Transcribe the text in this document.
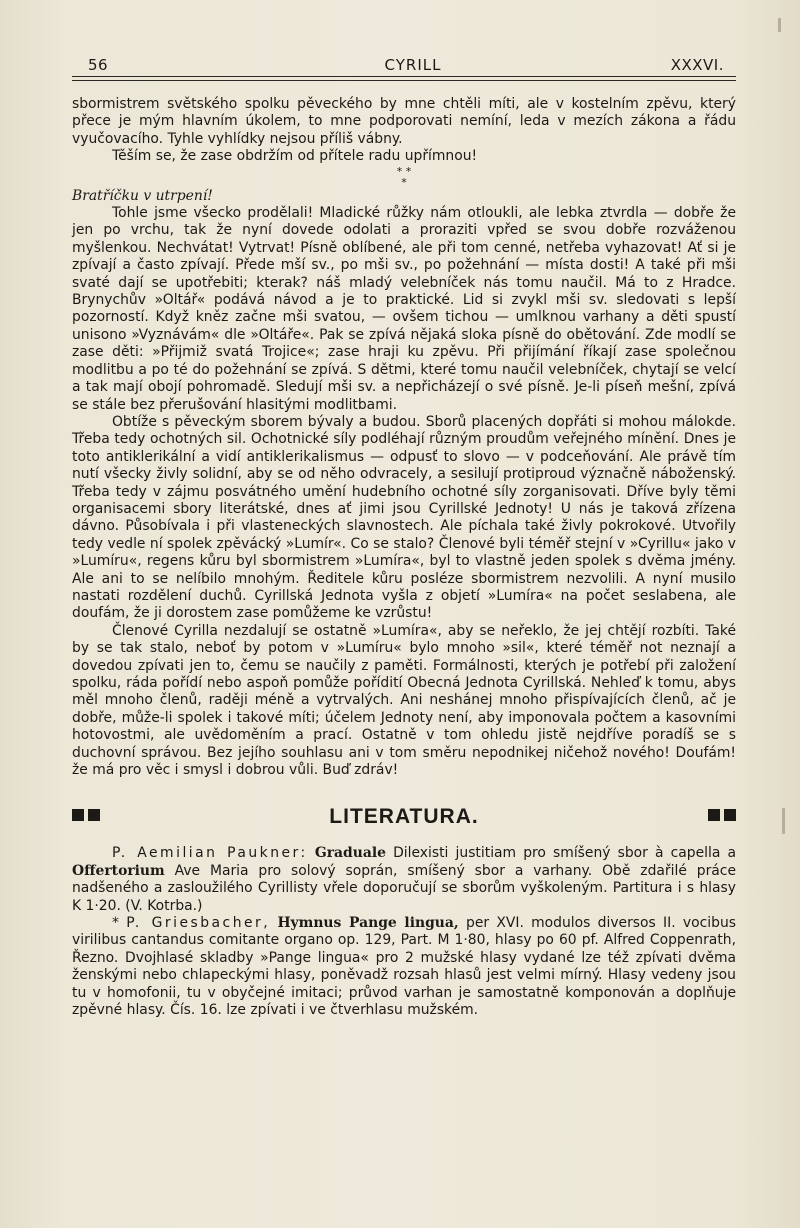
56	CYRILL	XXXVI.

sbormistrem světského spolku pěveckého by mne chtěli míti, ale v kostelním zpěvu, který přece je mým hlavním úkolem, to mne podporovati nemíní, leda v mezích zákona a řádu vyučovacího. Tyhle vyhlídky nejsou příliš vábny.

Těším se, že zase obdržím od přítele radu upřímnou!

* *
*

Bratříčku v utrpení!

Tohle jsme všecko prodělali! Mladické růžky nám otloukli, ale lebka ztvrdla — dobře že jen po vrchu, tak že nyní dovede odolati a proraziti vpřed se svou dobře rozváženou myšlenkou. Nechvátat! Vytrvat! Písně oblíbené, ale při tom cenné, netřeba vyhazovat! Ať si je zpívají a často zpívají. Přede mší sv., po mši sv., po požehnání — místa dosti! A také při mši svaté dají se upotřebiti; kterak? náš mladý velebníček nás tomu naučil. Má to z Hradce. Brynychův »Oltář« podává návod a je to praktické. Lid si zvykl mši sv. sledovati s lepší pozorností. Když kněz začne mši svatou, — ovšem tichou — umlknou varhany a děti spustí unisono »Vyznávám« dle »Oltáře«. Pak se zpívá nějaká sloka písně do obětování. Zde modlí se zase děti: »Přijmiž svatá Trojice«; zase hraji ku zpěvu. Při přijímání říkají zase společnou modlitbu a po té do požehnání se zpívá. S dětmi, které tomu naučil velebníček, chytají se velcí a tak mají obojí pohromadě. Sledují mši sv. a nepřicházejí o své písně. Je-li píseň mešní, zpívá se stále bez přerušování hlasitými modlitbami.

Obtíže s pěveckým sborem bývaly a budou. Sborů placených dopřáti si mohou málokde. Třeba tedy ochotných sil. Ochotnické síly podléhají různým proudům veřejného mínění. Dnes je toto antiklerikální a vidí antiklerikalismus — odpusť to slovo — v podceňování. Ale právě tím nutí všecky živly solidní, aby se od něho odvracely, a sesilují protiproud význačně náboženský. Třeba tedy v zájmu posvátného umění hudebního ochotné síly zorganisovati. Dříve byly těmi organisacemi sbory literátské, dnes ať jimi jsou Cyrillské Jednoty! U nás je taková zřízena dávno. Působívala i při vlasteneckých slavnostech. Ale píchala také živly pokrokové. Utvořily tedy vedle ní spolek zpěvácký »Lumír«. Co se stalo? Členové byli téměř stejní v »Cyrillu« jako v »Lumíru«, regens kůru byl sbormistrem »Lumíra«, byl to vlastně jeden spolek s dvěma jmény. Ale ani to se nelíbilo mnohým. Ředitele kůru posléze sbormistrem nezvolili. A nyní musilo nastati rozdělení duchů. Cyrillská Jednota vyšla z objetí »Lumíra« na počet seslabena, ale doufám, že ji dorostem zase pomůžeme ke vzrůstu!

Členové Cyrilla nezdalují se ostatně »Lumíra«, aby se neřeklo, že jej chtějí rozbíti. Také by se tak stalo, neboť by potom v »Lumíru« bylo mnoho »sil«, které téměř not neznají a dovedou zpívati jen to, čemu se naučily z paměti. Formálnosti, kterých je potřebí při založení spolku, ráda pořídí nebo aspoň pomůže pořídití Obecná Jednota Cyrillská. Nehleď k tomu, abys měl mnoho členů, raději méně a vytrvalých. Ani neshánej mnoho přispívajících členů, ač je dobře, může-li spolek i takové míti; účelem Jednoty není, aby imponovala počtem a kasovními hotovostmi, ale uvědoměním a prací. Ostatně v tom ohledu jistě nejdříve poradíš se s duchovní správou. Bez jejího souhlasu ani v tom směru nepodnikej ničehož nového! Doufám! že má pro věc i smysl i dobrou vůli. Buď zdráv!

LITERATURA.

P. Aemilian Paukner: Graduale Dilexisti justitiam pro smíšený sbor à capella a Offertorium Ave Maria pro solový soprán, smíšený sbor a varhany. Obě zdařilé práce nadšeného a zasloužilého Cyrillisty vřele doporučují se sborům vyškoleným. Partitura i s hlasy K 1·20. (V. Kotrba.)

* P. Griesbacher, Hymnus Pange lingua, per XVI. modulos diversos II. vocibus virilibus cantandus comitante organo op. 129, Part. M 1·80, hlasy po 60 pf. Alfred Coppenrath, Řezno. Dvojhlasé skladby »Pange lingua« pro 2 mužské hlasy vydané lze též zpívati dvěma ženskými nebo chlapeckými hlasy, poněvadž rozsah hlasů jest velmi mírný. Hlasy vedeny jsou tu v homofonii, tu v obyčejné imitaci; průvod varhan je samostatně komponován a doplňuje zpěvné hlasy. Čís. 16. lze zpívati i ve čtverhlasu mužském.
